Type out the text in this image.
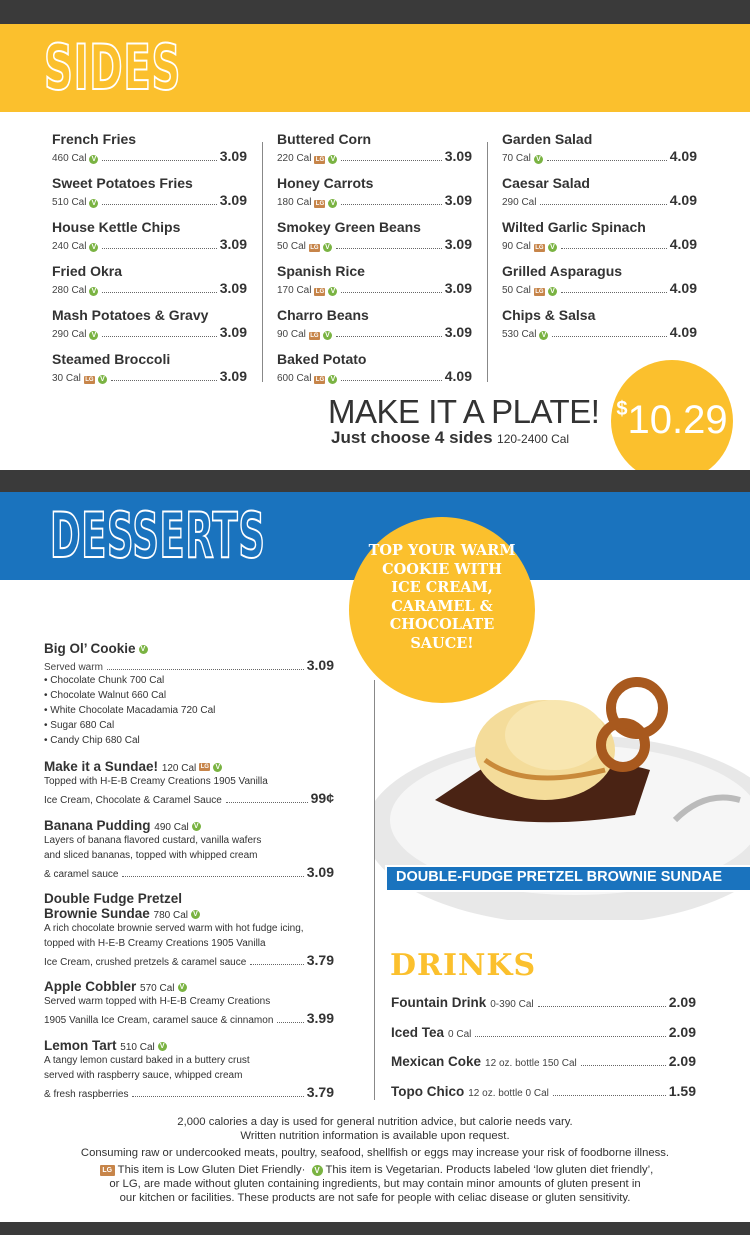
SIDES
French Fries
460 Cal V	3.09
Sweet Potatoes Fries
510 Cal V	3.09
House Kettle Chips
240 Cal V	3.09
Fried Okra
280 Cal V	3.09
Mash Potatoes & Gravy
290 Cal V	3.09
Steamed Broccoli
30 Cal LG V	3.09
Buttered Corn
220 Cal LG V	3.09
Honey Carrots
180 Cal LG V	3.09
Smokey Green Beans
50 Cal LG V	3.09
Spanish Rice
170 Cal LG V	3.09
Charro Beans
90 Cal LG V	3.09
Baked Potato
600 Cal LG V	4.09
Garden Salad
70 Cal V	4.09
Caesar Salad
290 Cal	4.09
Wilted Garlic Spinach
90 Cal LG V	4.09
Grilled Asparagus
50 Cal LG V	4.09
Chips & Salsa
530 Cal V	4.09
MAKE IT A PLATE!
Just choose 4 sides 120-2400 Cal
$10.29
DESSERTS
DOUBLE-FUDGE PRETZEL BROWNIE SUNDAE
TOP YOUR WARM COOKIE WITH ICE CREAM, CARAMEL & CHOCOLATE SAUCE!
Big Ol’ Cookie V
Served warm	3.09
• Chocolate Chunk 700 Cal
• Chocolate Walnut 660 Cal
• White Chocolate Macadamia 720 Cal
• Sugar 680 Cal
• Candy Chip 680 Cal
Make it a Sundae! 120 Cal LG V
Topped with H-E-B Creamy Creations 1905 Vanilla
Ice Cream, Chocolate & Caramel Sauce	99¢
Banana Pudding 490 Cal V
Layers of banana flavored custard, vanilla wafers
and sliced bananas, topped with whipped cream
& caramel sauce	3.09
Double Fudge Pretzel
Brownie Sundae 780 Cal V
A rich chocolate brownie served warm with hot fudge icing,
topped with H-E-B Creamy Creations 1905 Vanilla
Ice Cream, crushed pretzels & caramel sauce	3.79
Apple Cobbler 570 Cal V
Served warm topped with H-E-B Creamy Creations
1905 Vanilla Ice Cream, caramel sauce & cinnamon 3.99
Lemon Tart 510 Cal V
A tangy lemon custard baked in a buttery crust
served with raspberry sauce, whipped cream
& fresh raspberries	3.79
DRINKS
Fountain Drink 0-390 Cal	2.09
Iced Tea 0 Cal	2.09
Mexican Coke 12 oz. bottle 150 Cal	2.09
Topo Chico 12 oz. bottle 0 Cal	1.59
2,000 calories a day is used for general nutrition advice, but calorie needs vary.
Written nutrition information is available upon request.
Consuming raw or undercooked meats, poultry, seafood, shellfish or eggs may increase your risk of foodborne illness.
LG This item is Low Gluten Diet Friendly· V This item is Vegetarian. Products labeled ‘low gluten diet friendly’,
or LG, are made without gluten containing ingredients, but may contain minor amounts of gluten present in
our kitchen or facilities. These products are not safe for people with celiac disease or gluten sensitivity.
